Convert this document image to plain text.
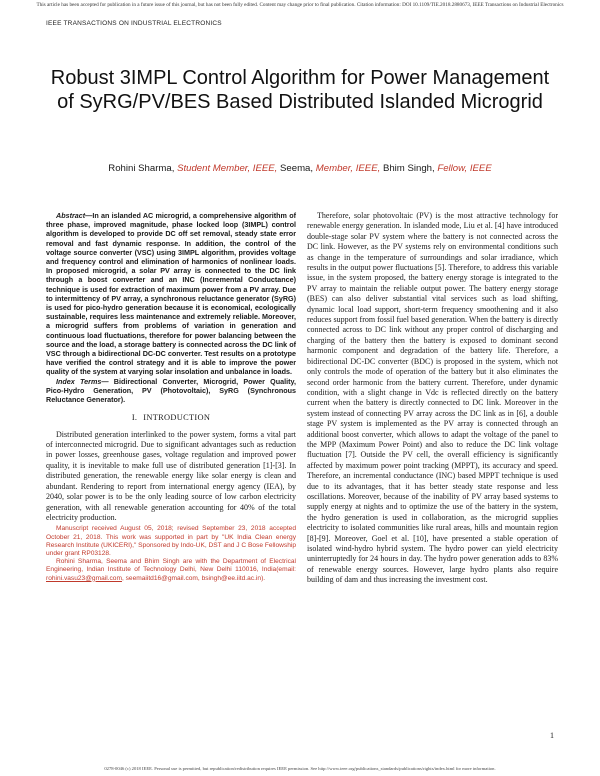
This article has been accepted for publication in a future issue of this journal, but has not been fully edited. Content may change prior to final publication. Citation information: DOI 10.1109/TIE.2018.2880673, IEEE Transactions on Industrial Electronics
IEEE TRANSACTIONS ON INDUSTRIAL ELECTRONICS
Robust 3IMPL Control Algorithm for Power Management of SyRG/PV/BES Based Distributed Islanded Microgrid
Rohini Sharma, Student Member, IEEE, Seema, Member, IEEE, Bhim Singh, Fellow, IEEE

Abstract—In an islanded AC microgrid, a comprehensive algorithm of three phase, improved magnitude, phase locked loop (3IMPL) control algorithm is developed to provide DC off set removal, steady state error removal and fast dynamic response. In addition, the control of the voltage source converter (VSC) using 3IMPL algorithm, provides voltage and frequency control and elimination of harmonics of nonlinear loads. In proposed microgrid, a solar PV array is connected to the DC link through a boost converter and an INC (Incremental Conductance) technique is used for extraction of maximum power from a PV array. Due to intermittency of PV array, a synchronous reluctance generator (SyRG) is used for pico-hydro generation because it is economical, ecologically sustainable, requires less maintenance and extremely reliable. Moreover, a microgrid suffers from problems of variation in generation and continuous load fluctuations, therefore for power balancing between the source and the load, a storage battery is connected across the DC link of VSC through a bidirectional DC-DC converter. Test results on a prototype have verified the control strategy and it is able to improve the power quality of the system at varying solar insolation and unbalance in loads.

Index Terms— Bidirectional Converter, Microgrid, Power Quality, Pico-Hydro Generation, PV (Photovoltaic), SyRG (Synchronous Reluctance Generator).

I. INTRODUCTION

Distributed generation interlinked to the power system, forms a vital part of interconnected microgrid. Due to significant advantages such as reduction in power losses, greenhouse gases, voltage regulation and improved power quality, it is inevitable to make full use of distributed generation [1]-[3]. In distributed generation, the renewable energy like solar energy is clean and abundant. Rendering to report from international energy agency (IEA), by 2040, solar power is to be the only leading source of low carbon electricity generation, with all renewable generation accounting for 40% of the total electricity production.

Manuscript received August 05, 2018; revised September 23, 2018 accepted October 21, 2018. This work was supported in part by "UK India Clean energy Research Institute (UKICERI)," Sponsored by Indo-UK, DST and J C Bose Fellowship under grant RP03128.

Rohini Sharma, Seema and Bhim Singh are with the Department of Electrical Engineering, Indian Institute of Technology Delhi, New Delhi 110016, India(email: rohini.vasu23@gmail.com, seemaiitd16@gmail.com, bsingh@ee.iitd.ac.in).

Therefore, solar photovoltaic (PV) is the most attractive technology for renewable energy generation. In islanded mode, Liu et al. [4] have introduced double-stage solar PV system where the battery is not connected across the DC link. However, as the PV systems rely on environmental conditions such as change in the temperature of surroundings and solar irradiance, which results in the output power fluctuations [5]. Therefore, to address this variable issue, in the system proposed, the battery energy storage is integrated to the PV array to maintain the reliable output power. The battery energy storage (BES) can also deliver substantial vital services such as load shifting, dynamic local load support, short-term frequency smoothening and it also reduces support from fossil fuel based generation. When the battery is directly connected across to DC link without any proper control of discharging and charging of the battery then the battery is exposed to dominant second harmonic component and degradation of the battery life. Therefore, a bidirectional DC-DC converter (BDC) is proposed in the system, which not only controls the mode of operation of the battery but it also eliminates the second order harmonic from the battery current. Therefore, under dynamic condition, with a slight change in Vdc is reflected directly on the battery current when the battery is directly connected to DC link. Moreover in the system instead of connecting PV array across the DC link as in [6], a double stage PV system is implemented as the PV array is connected through an additional boost converter, which allows to adapt the voltage of the panel to the MPP (Maximum Power Point) and also to reduce the DC link voltage fluctuation [7]. Outside the PV cell, the overall efficiency is significantly affected by maximum power point tracking (MPPT), its accuracy and speed. Therefore, an incremental conductance (INC) based MPPT technique is used due to its advantages, that it has better steady state response and less oscillations. Moreover, because of the inability of PV array based systems to supply energy at nights and to optimize the use of the battery in the system, the hydro generation is used in collaboration, as the microgrid supplies electricity to isolated communities like rural areas, hills and mountain region [8]-[9]. Moreover, Goel et al. [10], have presented a stable operation of isolated wind-hydro hybrid system. The hydro power can yield electricity uninterruptedly for 24 hours in day. The hydro power generation adds to 83% of renewable energy sources. However, large hydro plants also require building of dam and thus increasing the investment cost.

1
0278-0046 (c) 2018 IEEE. Personal use is permitted, but republication/redistribution requires IEEE permission. See http://www.ieee.org/publications_standards/publications/rights/index.html for more information.
